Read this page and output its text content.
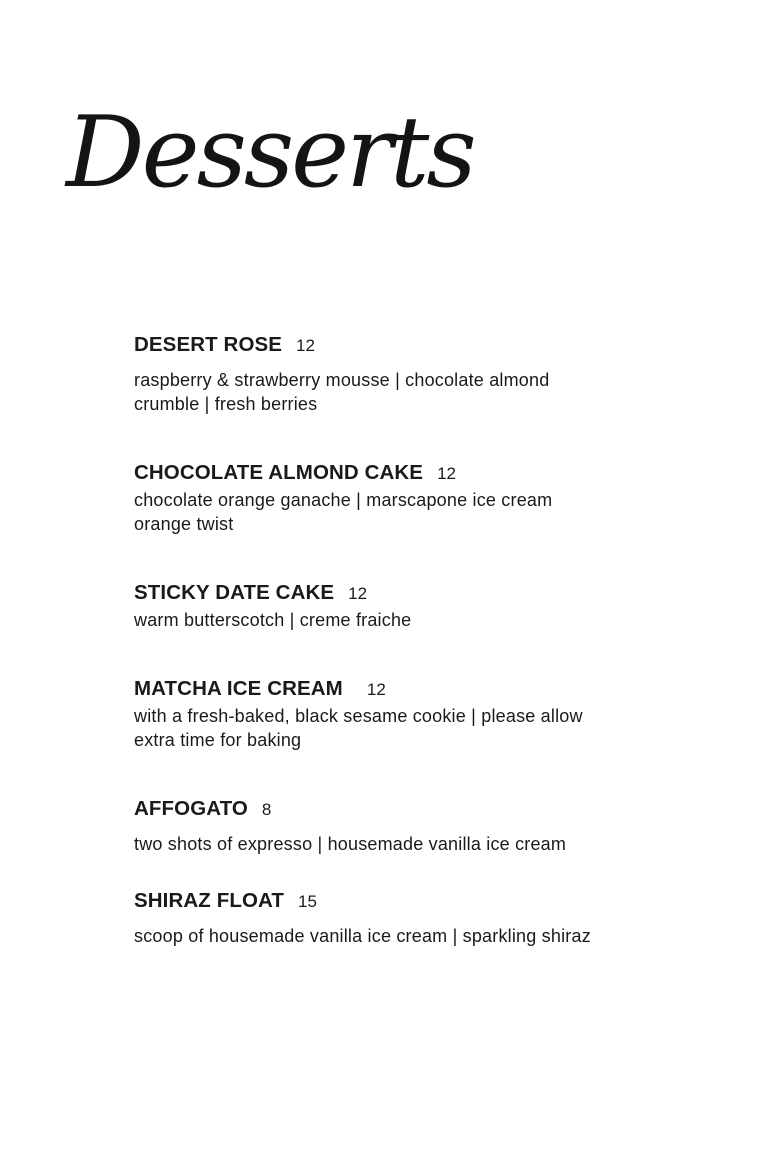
Desserts
DESERT ROSE 12
raspberry & strawberry mousse | chocolate almond
crumble | fresh berries
CHOCOLATE ALMOND CAKE 12
chocolate orange ganache | marscapone ice cream
orange twist
STICKY DATE CAKE 12
warm butterscotch | creme fraiche
MATCHA ICE CREAM 12
with a fresh-baked, black sesame cookie | please allow
extra time for baking
AFFOGATO 8
two shots of expresso | housemade vanilla ice cream
SHIRAZ FLOAT 15
scoop of housemade vanilla ice cream | sparkling shiraz
